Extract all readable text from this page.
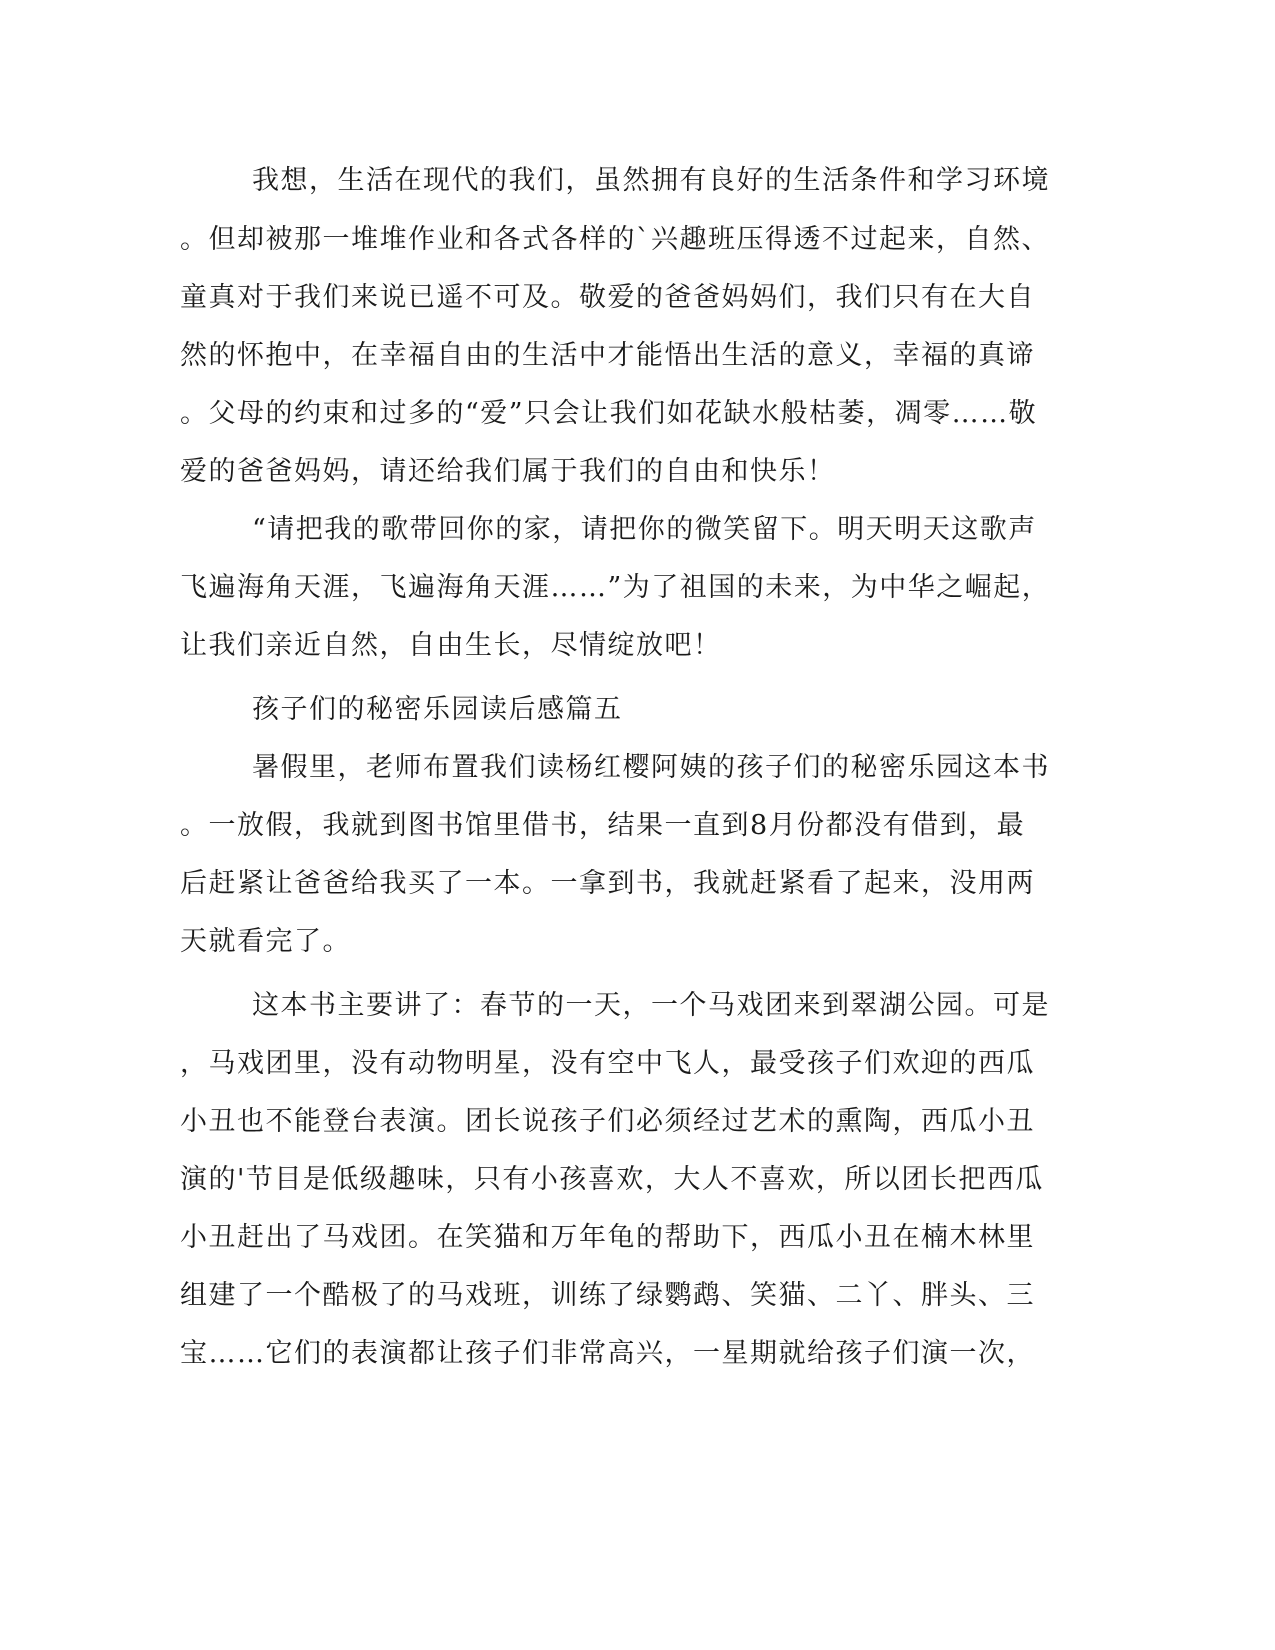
我想，生活在现代的我们，虽然拥有良好的生活条件和学习环境
。但却被那一堆堆作业和各式各样的`兴趣班压得透不过起来，自然、
童真对于我们来说已遥不可及。敬爱的爸爸妈妈们，我们只有在大自
然的怀抱中，在幸福自由的生活中才能悟出生活的意义，幸福的真谛
。父母的约束和过多的“爱”只会让我们如花缺水般枯萎，凋零……敬
爱的爸爸妈妈，请还给我们属于我们的自由和快乐！
“请把我的歌带回你的家，请把你的微笑留下。明天明天这歌声
飞遍海角天涯，飞遍海角天涯……”为了祖国的未来，为中华之崛起，
让我们亲近自然，自由生长，尽情绽放吧！
孩子们的秘密乐园读后感篇五
暑假里，老师布置我们读杨红樱阿姨的孩子们的秘密乐园这本书
。一放假，我就到图书馆里借书，结果一直到8月份都没有借到，最
后赶紧让爸爸给我买了一本。一拿到书，我就赶紧看了起来，没用两
天就看完了。
这本书主要讲了：春节的一天，一个马戏团来到翠湖公园。可是
，马戏团里，没有动物明星，没有空中飞人，最受孩子们欢迎的西瓜
小丑也不能登台表演。团长说孩子们必须经过艺术的熏陶，西瓜小丑
演的'节目是低级趣味，只有小孩喜欢，大人不喜欢，所以团长把西瓜
小丑赶出了马戏团。在笑猫和万年龟的帮助下，西瓜小丑在楠木林里
组建了一个酷极了的马戏班，训练了绿鹦鹉、笑猫、二丫、胖头、三
宝……它们的表演都让孩子们非常高兴，一星期就给孩子们演一次，
